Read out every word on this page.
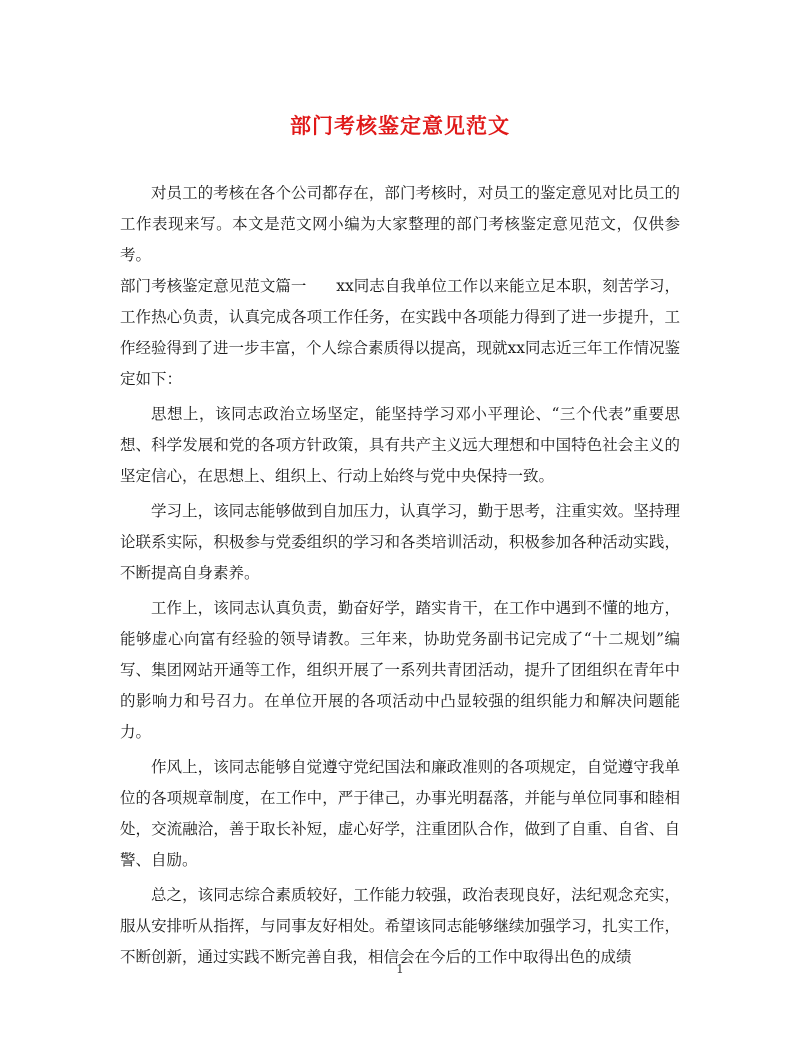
部门考核鉴定意见范文

对员工的考核在各个公司都存在，部门考核时，对员工的鉴定意见对比员工的工作表现来写。本文是范文网小编为大家整理的部门考核鉴定意见范文，仅供参考。

部门考核鉴定意见范文篇一 xx同志自我单位工作以来能立足本职，刻苦学习，工作热心负责，认真完成各项工作任务，在实践中各项能力得到了进一步提升，工作经验得到了进一步丰富，个人综合素质得以提高，现就xx同志近三年工作情况鉴定如下：

思想上，该同志政治立场坚定，能坚持学习邓小平理论、“三个代表”重要思想、科学发展和党的各项方针政策，具有共产主义远大理想和中国特色社会主义的坚定信心，在思想上、组织上、行动上始终与党中央保持一致。

学习上，该同志能够做到自加压力，认真学习，勤于思考，注重实效。坚持理论联系实际，积极参与党委组织的学习和各类培训活动，积极参加各种活动实践，不断提高自身素养。

工作上，该同志认真负责，勤奋好学，踏实肯干，在工作中遇到不懂的地方，能够虚心向富有经验的领导请教。三年来，协助党务副书记完成了“十二规划”编写、集团网站开通等工作，组织开展了一系列共青团活动，提升了团组织在青年中的影响力和号召力。在单位开展的各项活动中凸显较强的组织能力和解决问题能力。

作风上，该同志能够自觉遵守党纪国法和廉政准则的各项规定，自觉遵守我单位的各项规章制度，在工作中，严于律己，办事光明磊落，并能与单位同事和睦相处，交流融洽，善于取长补短，虚心好学，注重团队合作，做到了自重、自省、自警、自励。

总之，该同志综合素质较好，工作能力较强，政治表现良好，法纪观念充实，服从安排听从指挥，与同事友好相处。希望该同志能够继续加强学习，扎实工作，不断创新，通过实践不断完善自我，相信会在今后的工作中取得出色的成绩

1
